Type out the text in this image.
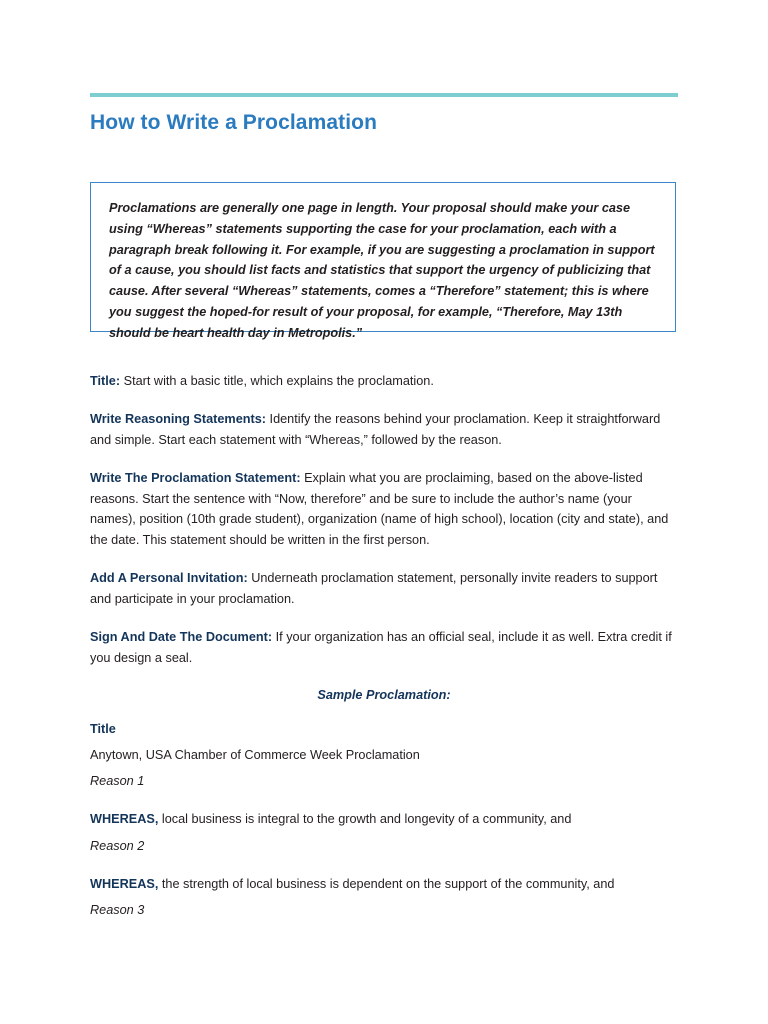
How to Write a Proclamation

Proclamations are generally one page in length. Your proposal should make your case using “Whereas” statements supporting the case for your proclamation, each with a paragraph break following it. For example, if you are suggesting a proclamation in support of a cause, you should list facts and statistics that support the urgency of publicizing that cause. After several “Whereas” statements, comes a “Therefore” statement; this is where you suggest the hoped-for result of your proposal, for example, “Therefore, May 13th should be heart health day in Metropolis.”

Title: Start with a basic title, which explains the proclamation.

Write Reasoning Statements: Identify the reasons behind your proclamation. Keep it straightforward and simple. Start each statement with “Whereas,” followed by the reason.

Write The Proclamation Statement: Explain what you are proclaiming, based on the above-listed reasons. Start the sentence with “Now, therefore” and be sure to include the author’s name (your names), position (10th grade student), organization (name of high school), location (city and state), and the date. This statement should be written in the first person.

Add A Personal Invitation: Underneath proclamation statement, personally invite readers to support and participate in your proclamation.

Sign And Date The Document: If your organization has an official seal, include it as well. Extra credit if you design a seal.

Sample Proclamation:

Title

Anytown, USA Chamber of Commerce Week Proclamation

Reason 1

WHEREAS, local business is integral to the growth and longevity of a community, and

Reason 2

WHEREAS, the strength of local business is dependent on the support of the community, and

Reason 3
